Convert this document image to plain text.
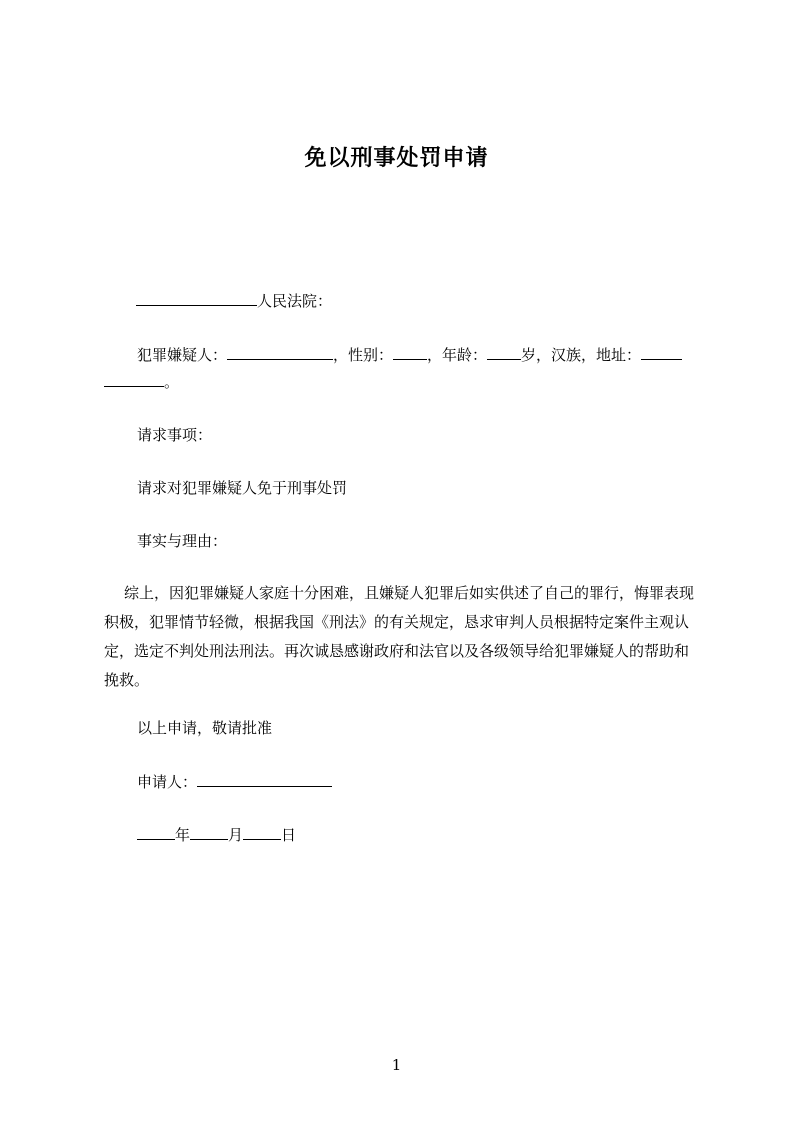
免以刑事处罚申请
人民法院：
犯罪嫌疑人：	，性别： ，年龄： 岁，汉族，地址：
。
请求事项：
请求对犯罪嫌疑人免于刑事处罚
事实与理由：
综上，因犯罪嫌疑人家庭十分困难，且嫌疑人犯罪后如实供述了自己的罪行，悔罪表现积极，犯罪情节轻微，根据我国《刑法》的有关规定，恳求审判人员根据特定案件主观认定，选定不判处刑法刑法。再次诚恳感谢政府和法官以及各级领导给犯罪嫌疑人的帮助和挽救。
以上申请，敬请批准
申请人：
年	月	日
1
